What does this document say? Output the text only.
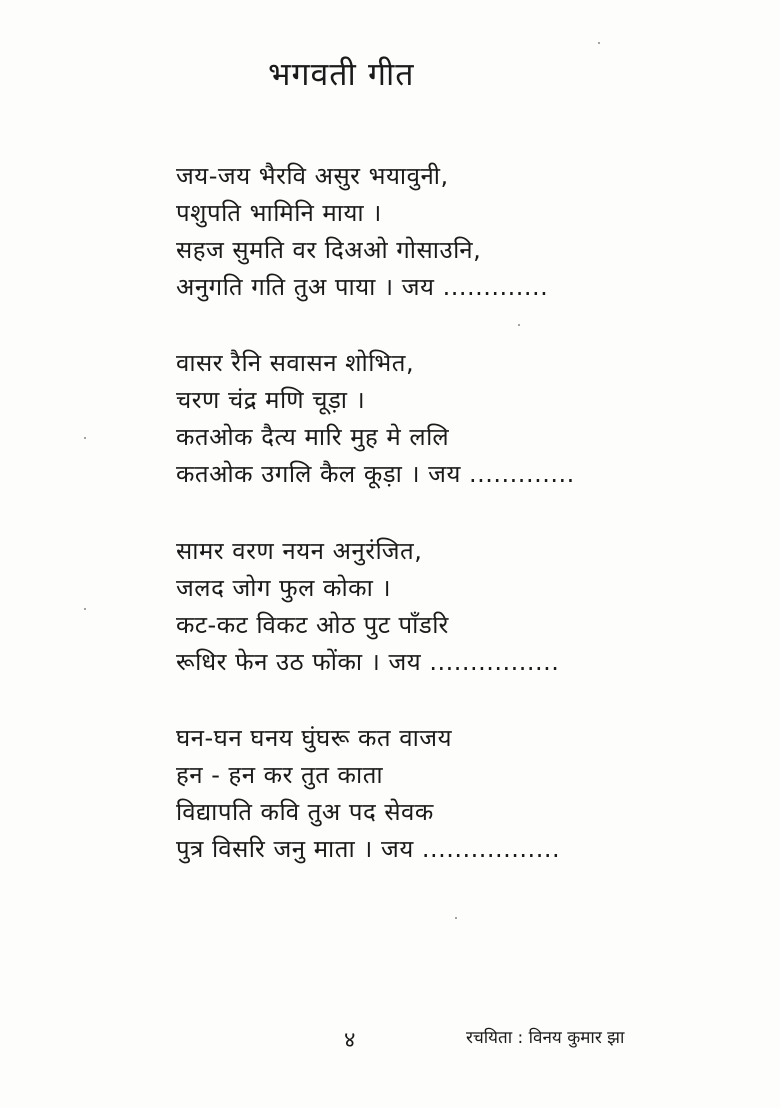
भगवती गीत
जय-जय भैरवि असुर भयावुनी,
पशुपति भामिनि माया ।
सहज सुमति वर दिअओ गोसाउनि,
अनुगति गति तुअ पाया । जय .............
वासर रैनि सवासन शोभित,
चरण चंद्र मणि चूड़ा ।
कतओक दैत्य मारि मुह मे ललि
कतओक उगलि कैल कूड़ा । जय .............
सामर वरण नयन अनुरंजित,
जलद जोग फुल कोका ।
कट-कट विकट ओठ पुट पाँडरि
रूधिर फेन उठ फोंका । जय ................
घन-घन घनय घुंघरू कत वाजय
हन - हन कर तुत काता
विद्यापति कवि तुअ पद सेवक
पुत्र विसरि जनु माता । जय .................
४	रचयिता : विनय कुमार झा
